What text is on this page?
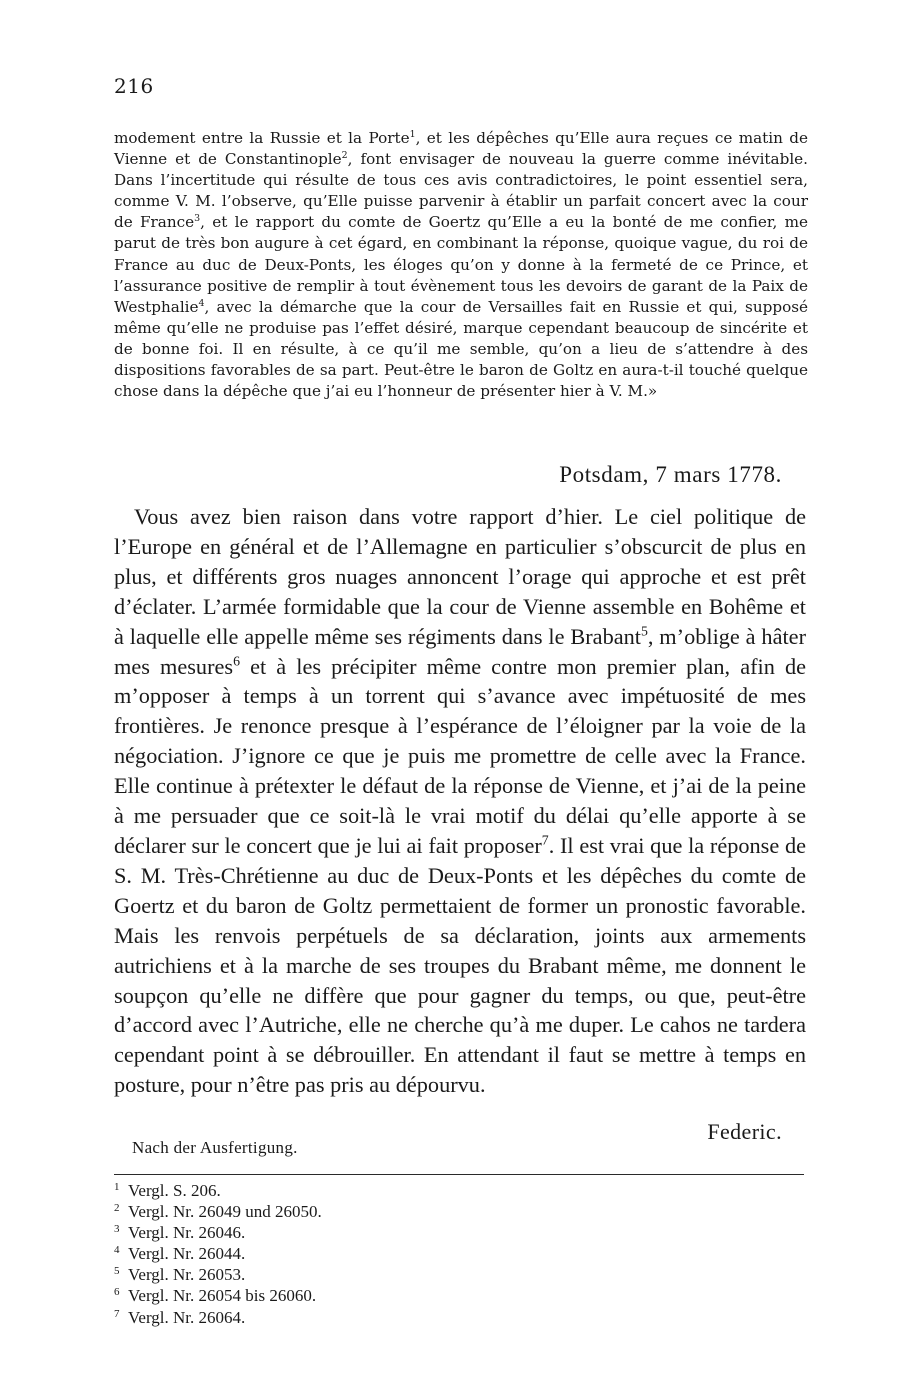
216

modement entre la Russie et la Porte$^1$, et les dépêches qu’Elle aura reçues ce matin de Vienne et de Constantinople$^2$, font envisager de nouveau la guerre comme inévitable. Dans l’incertitude qui résulte de tous ces avis contradictoires, le point essentiel sera, comme V. M. l’observe, qu’Elle puisse parvenir à établir un parfait concert avec la cour de France$^3$, et le rapport du comte de Goertz qu’Elle a eu la bonté de me confier, me parut de très bon augure à cet égard, en combinant la réponse, quoique vague, du roi de France au duc de Deux-Ponts, les éloges qu’on y donne à la fermeté de ce Prince, et l’assurance positive de remplir à tout évènement tous les devoirs de garant de la Paix de Westphalie$^4$, avec la démarche que la cour de Versailles fait en Russie et qui, supposé même qu’elle ne produise pas l’effet désiré, marque cependant beaucoup de sincérite et de bonne foi. Il en résulte, à ce qu’il me semble, qu’on a lieu de s’attendre à des dispositions favorables de sa part. Peut-être le baron de Goltz en aura-t-il touché quelque chose dans la dépêche que j’ai eu l’honneur de présenter hier à V. M.»

Potsdam, 7 mars 1778.

Vous avez bien raison dans votre rapport d’hier. Le ciel politique de l’Europe en général et de l’Allemagne en particulier s’obscurcit de plus en plus, et différents gros nuages annoncent l’orage qui approche et est prêt d’éclater. L’armée formidable que la cour de Vienne assemble en Bohême et à laquelle elle appelle même ses régiments dans le Brabant$^5$, m’oblige à hâter mes mesures$^6$ et à les précipiter même contre mon premier plan, afin de m’opposer à temps à un torrent qui s’avance avec impétuosité de mes frontières. Je renonce presque à l’espérance de l’éloigner par la voie de la négociation. J’ignore ce que je puis me promettre de celle avec la France. Elle continue à prétexter le défaut de la réponse de Vienne, et j’ai de la peine à me persuader que ce soit-là le vrai motif du délai qu’elle apporte à se déclarer sur le concert que je lui ai fait proposer$^7$. Il est vrai que la réponse de S. M. Très-Chrétienne au duc de Deux-Ponts et les dépêches du comte de Goertz et du baron de Goltz permettaient de former un pronostic favorable. Mais les renvois perpétuels de sa déclaration, joints aux armements autrichiens et à la marche de ses troupes du Brabant même, me donnent le soupçon qu’elle ne diffère que pour gagner du temps, ou que, peut-être d’accord avec l’Autriche, elle ne cherche qu’à me duper. Le cahos ne tardera cependant point à se débrouiller. En attendant il faut se mettre à temps en posture, pour n’être pas pris au dépourvu.

Federic.
Nach der Ausfertigung.
1 Vergl. S. 206.
2 Vergl. Nr. 26049 und 26050.
3 Vergl. Nr. 26046.
4 Vergl. Nr. 26044.
5 Vergl. Nr. 26053.
6 Vergl. Nr. 26054 bis 26060.
7 Vergl. Nr. 26064.
